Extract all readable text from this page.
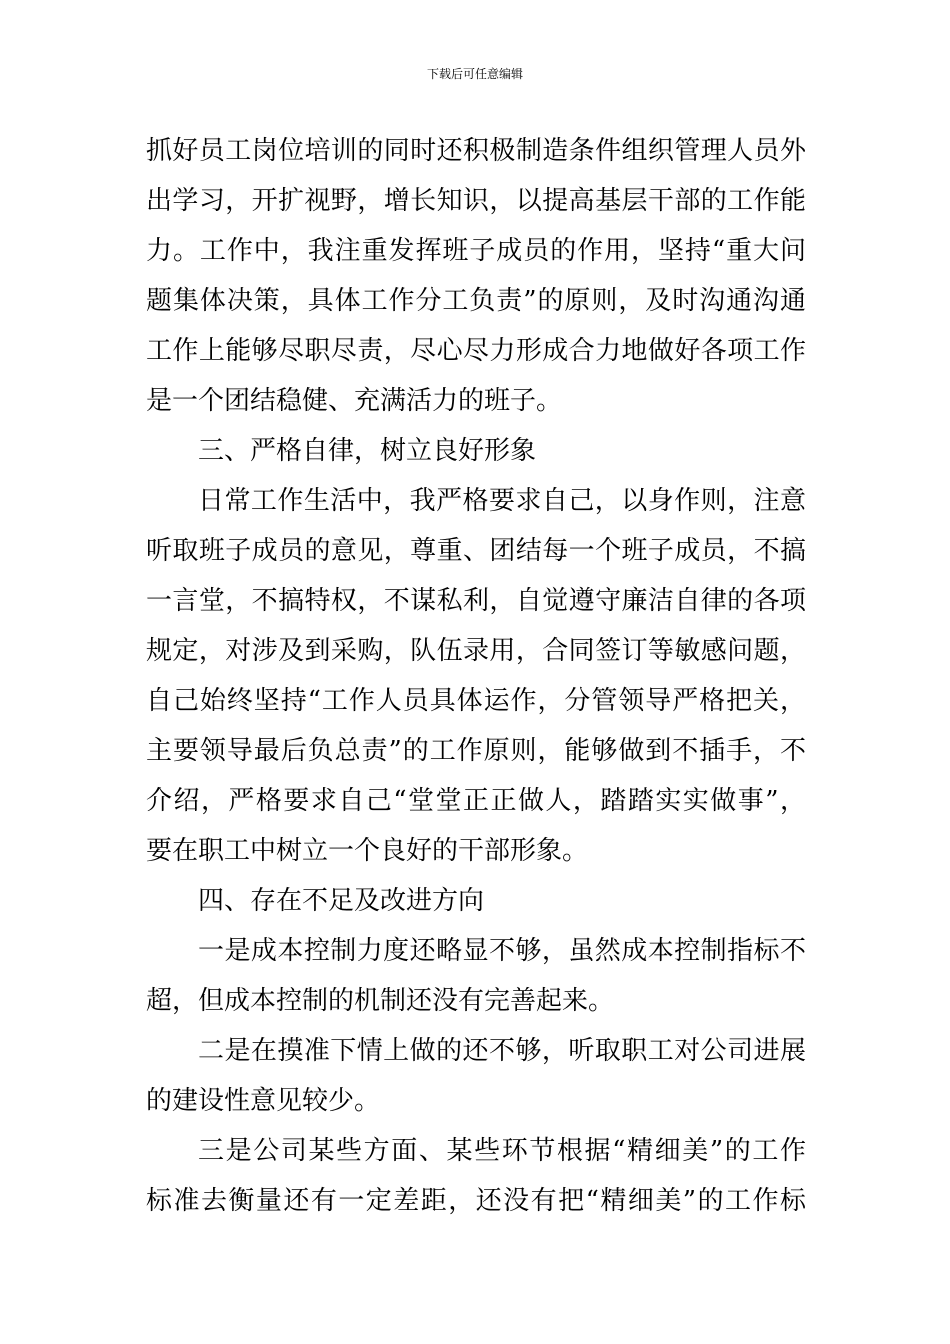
下载后可任意编辑
抓好员工岗位培训的同时还积极制造条件组织管理人员外
出学习，开扩视野，增长知识，以提高基层干部的工作能
力。工作中，我注重发挥班子成员的作用，坚持“重大问
题集体决策，具体工作分工负责”的原则，及时沟通沟通
工作上能够尽职尽责，尽心尽力形成合力地做好各项工作
是一个团结稳健、充满活力的班子。
三、严格自律，树立良好形象
日常工作生活中，我严格要求自己，以身作则，注意
听取班子成员的意见，尊重、团结每一个班子成员，不搞
一言堂，不搞特权，不谋私利，自觉遵守廉洁自律的各项
规定，对涉及到采购，队伍录用，合同签订等敏感问题，
自己始终坚持“工作人员具体运作，分管领导严格把关，
主要领导最后负总责”的工作原则，能够做到不插手，不
介绍，严格要求自己“堂堂正正做人，踏踏实实做事”，
要在职工中树立一个良好的干部形象。
四、存在不足及改进方向
一是成本控制力度还略显不够，虽然成本控制指标不
超，但成本控制的机制还没有完善起来。
二是在摸准下情上做的还不够，听取职工对公司进展
的建设性意见较少。
三是公司某些方面、某些环节根据“精细美”的工作
标准去衡量还有一定差距，还没有把“精细美”的工作标
